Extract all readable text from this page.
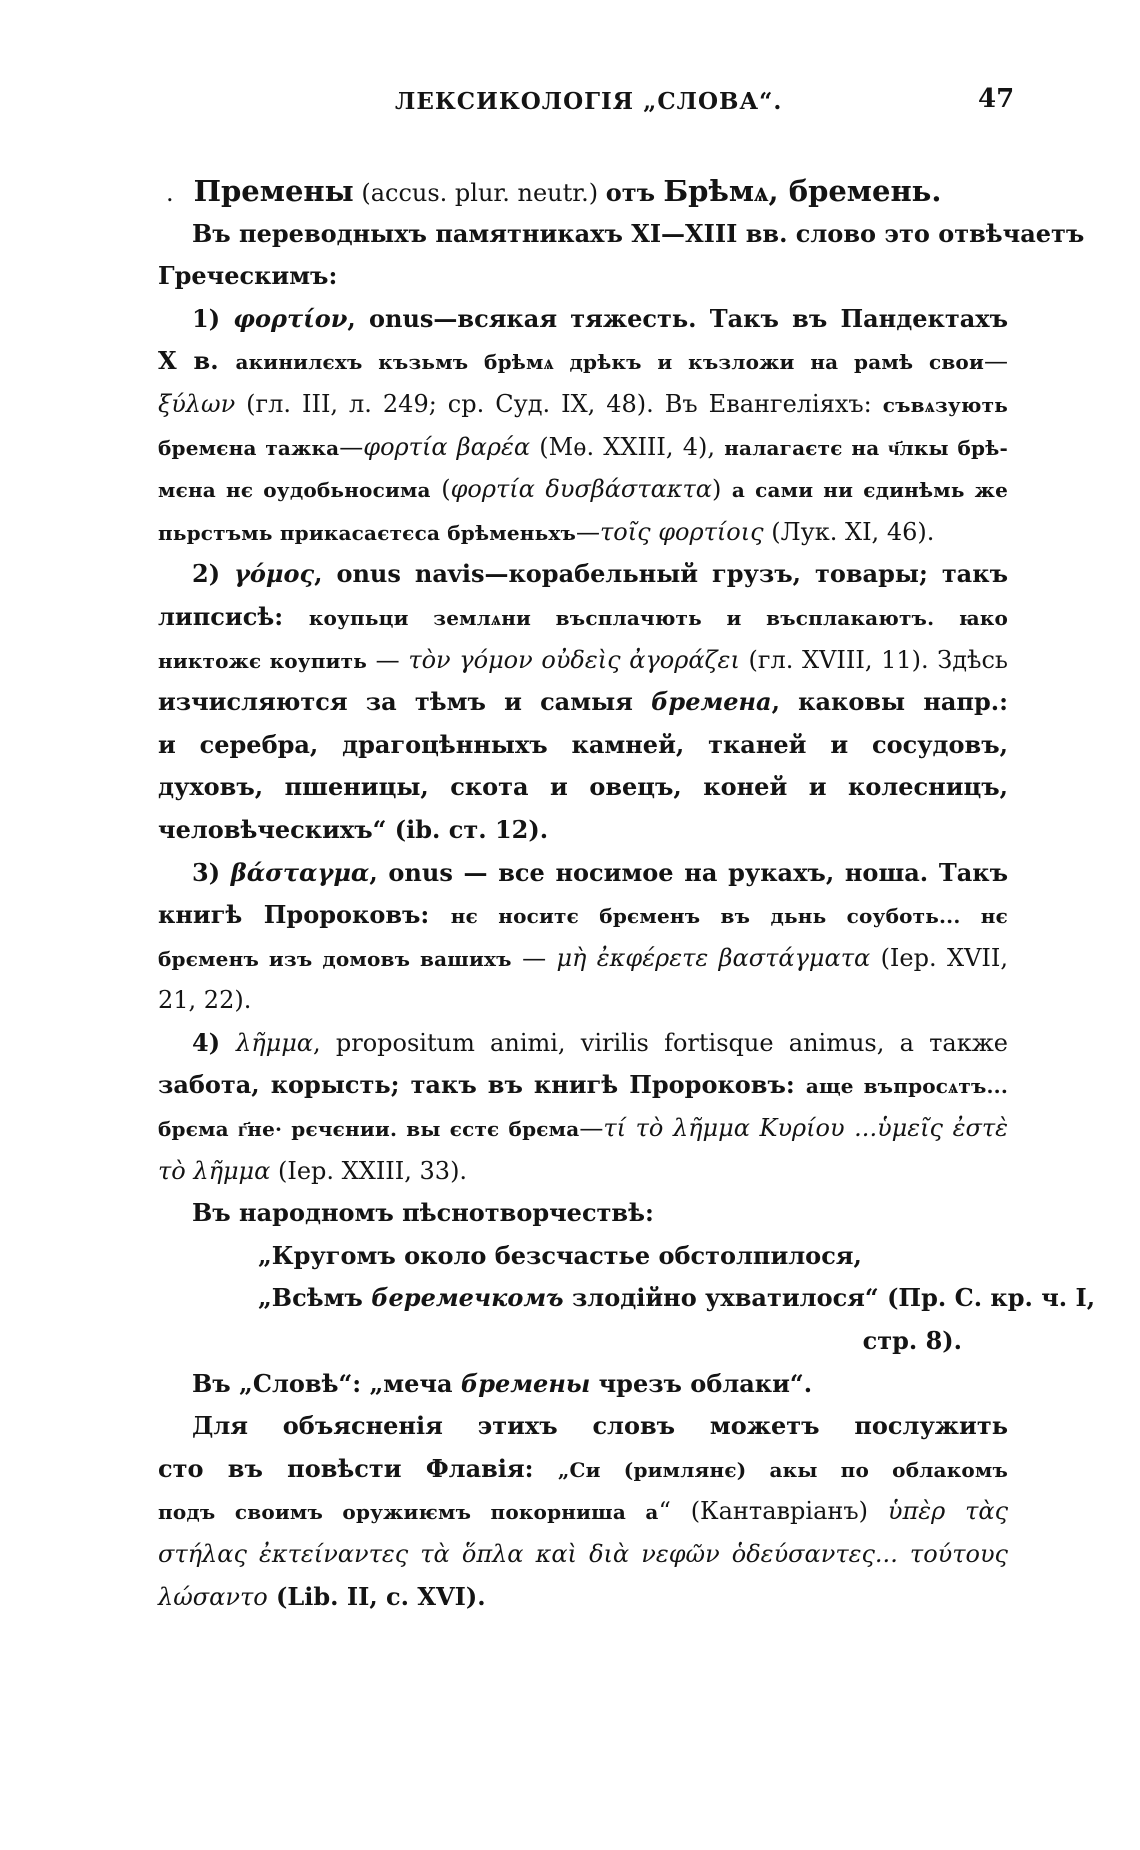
ЛЕКСИКОЛОГІЯ „СЛОВА“.	47
. Премены (accus. plur. neutr.) отъ Брѣмѧ, бремень.
Въ переводныхъ памятникахъ XI—XIII вв. слово это отвѣчаетъ
Греческимъ:
1) φορτίον, onus—всякая тяжесть. Такъ въ Пандектахъ
X в. акинилєхъ къзьмъ брѣмѧ дрѣкъ и къзложи на рамѣ свои—
ξύλων (гл. III, л. 249; ср. Суд. IX, 48). Въ Евангеліяхъ: съвѧзують
бремєна тажка—φορτία βαρέα (Мѳ. XXIII, 4), налагаєтє на ч҃лкы брѣ-
мєна нє оудобьносима (φορτία δυσβάστακτα) а сами ни єдинѣмь же
пьрстъмь прикасаєтєса брѣменьхъ—τοῖς φορτίοις (Лук. XI, 46).
2) γόμος, onus navis—корабельный грузъ, товары; такъ
липсисѣ: коупьци землѧни въсплачють и въсплакаютъ. ꙗко
никтожє коупить — τὸν γόμον οὐδεὶς ἀγοράζει (гл. XVIII, 11). Здѣсь
изчисляются за тѣмъ и самыя бремена, каковы напр.:
и серебра, драгоцѣнныхъ камней, тканей и сосудовъ,
духовъ, пшеницы, скота и овецъ, коней и колесницъ,
человѣческихъ“ (ib. ст. 12).
3) βάσταγμα, onus — все носимое на рукахъ, ноша. Такъ
книгѣ Пророковъ: нє носитє брєменъ въ дьнь соуботь... нє
брєменъ изъ домовъ вашихъ — μὴ ἐκφέρετε βαστάγματα (Iер. XVII,
21, 22).
4) λῆμμα, propositum animi, virilis fortisque animus, а также
забота, корысть; такъ въ книгѣ Пророковъ: аще въпросѧтъ...
брєма г҃не· рєчєнии. вы єстє брєма—τί τὸ λῆμμα Κυρίου ...ὑμεῖς ἐστὲ
τὸ λῆμμα (Iер. XXIII, 33).
Въ народномъ пѣснотворчествѣ:
„Кругомъ около безсчастье обстолпилося,
„Всѣмъ беремечкомъ злодійно ухватилося“ (Пр. С. кр. ч. I,
стр. 8).
Въ „Словѣ“: „меча бремены чрезъ облаки“.
Для объясненія этихъ словъ можетъ послужить
сто въ повѣсти Флавія: „Си (римлянє) акы по облакомъ
подъ своимъ оружиѥмъ покорниша а“ (Кантавріанъ) ὑπὲρ τὰς
στήλας ἐκτείναντες τὰ ὅπλα καὶ διὰ νεφῶν ὁδεύσαντες... τούτους
λώσαντο (Lib. II, c. XVI).
